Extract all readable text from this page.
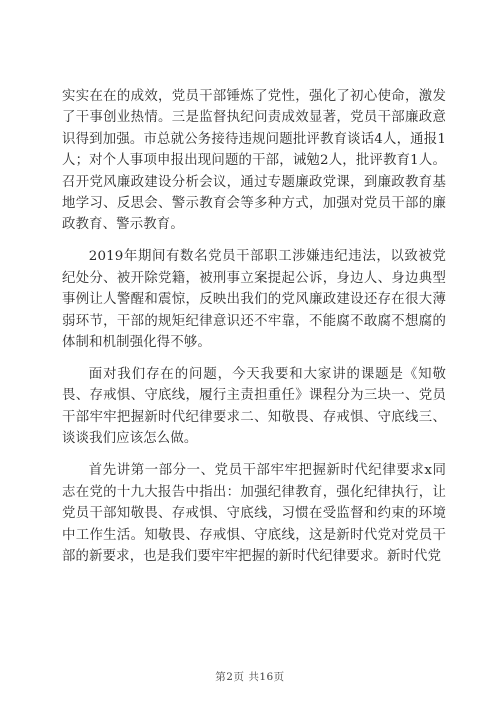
实实在在的成效，党员干部锤炼了党性，强化了初心使命，激发了干事创业热情。三是监督执纪问责成效显著，党员干部廉政意识得到加强。市总就公务接待违规问题批评教育谈话4人，通报1人；对个人事项申报出现问题的干部，诫勉2人，批评教育1人。召开党风廉政建设分析会议，通过专题廉政党课，到廉政教育基地学习、反思会、警示教育会等多种方式，加强对党员干部的廉政教育、警示教育。

2019年期间有数名党员干部职工涉嫌违纪违法，以致被党纪处分、被开除党籍，被刑事立案提起公诉，身边人、身边典型事例让人警醒和震惊，反映出我们的党风廉政建设还存在很大薄弱环节，干部的规矩纪律意识还不牢靠，不能腐不敢腐不想腐的体制和机制强化得不够。

面对我们存在的问题，今天我要和大家讲的课题是《知敬畏、存戒惧、守底线，履行主责担重任》课程分为三块一、党员干部牢牢把握新时代纪律要求二、知敬畏、存戒惧、守底线三、谈谈我们应该怎么做。

首先讲第一部分一、党员干部牢牢把握新时代纪律要求x同志在党的十九大报告中指出：加强纪律教育，强化纪律执行，让党员干部知敬畏、存戒惧、守底线，习惯在受监督和约束的环境中工作生活。知敬畏、存戒惧、守底线，这是新时代党对党员干部的新要求，也是我们要牢牢把握的新时代纪律要求。新时代党

第2页 共16页
